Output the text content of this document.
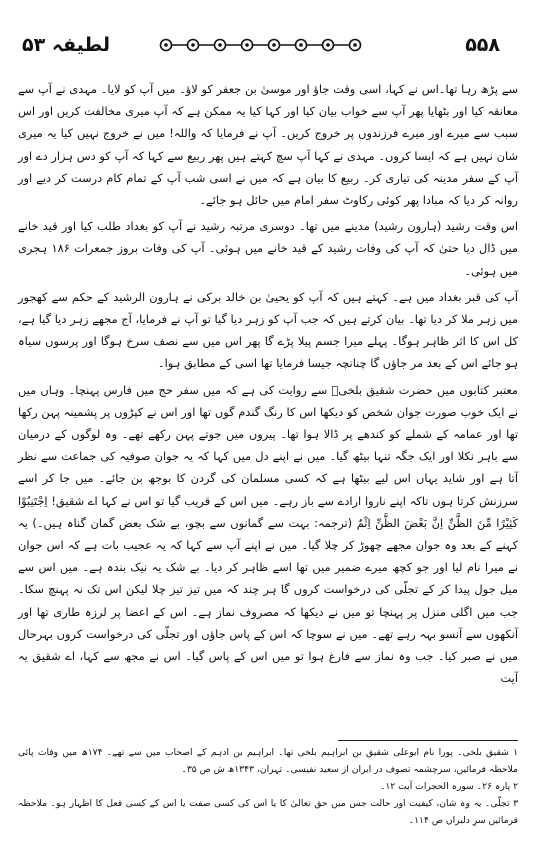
۵۵۸
لطیفہ ۵۳

سے پڑھ رہا تھا۔اس نے کہا، اسی وقت جاؤ اور موسیٰ بن جعفر کو لاؤ۔ میں آپ کو لایا۔ مہدی نے آپ سے معانقہ کیا اور بٹھایا پھر آپ سے خواب بیان کیا اور کہا کیا یہ ممکن ہے کہ آپ میری مخالفت کریں اور اس سبب سے میرے اور میرے فرزندوں پر خروج کریں۔ آپ نے فرمایا کہ واللہ! میں نے خروج نہیں کیا یہ میری شان نہیں ہے کہ ایسا کروں۔ مہدی نے کہا آپ سچ کہتے ہیں پھر ربیع سے کہا کہ آپ کو دس ہزار دے اور آپ کے سفر مدینہ کی تیاری کر۔ ربیع کا بیان ہے کہ میں نے اسی شب آپ کے تمام کام درست کر دیے اور روانہ کر دیا کہ مبادا پھر کوئی رکاوٹ سفر امام میں حائل ہو جائے۔

اس وقت رشید (ہارون رشید) مدینے میں تھا۔ دوسری مرتبہ رشید نے آپ کو بغداد طلب کیا اور قید خانے میں ڈال دیا حتیٰ کہ آپ کی وفات رشید کے قید خانے میں ہوئی۔ آپ کی وفات بروز جمعرات ۱۸۶ ہجری میں ہوئی۔

آپ کی قبر بغداد میں ہے۔ کہتے ہیں کہ آپ کو یحییٰ بن خالد برکی نے ہارون الرشید کے حکم سے کھجور میں زہر ملا کر دیا تھا۔ بیان کرتے ہیں کہ جب آپ کو زہر دیا گیا تو آپ نے فرمایا، آج مجھے زہر دیا گیا ہے، کل اس کا اثر ظاہر ہوگا۔ پہلے میرا جسم پیلا پڑے گا پھر اس میں سے نصف سرخ ہوگا اور پرسوں سیاہ ہو جائے اس کے بعد مر جاؤں گا چنانچہ جیسا فرمایا تھا اسی کے مطابق ہوا۔

معتبر کتابوں میں حضرت شقیق بلخیؒ سے روایت کی ہے کہ میں سفر حج میں فارس پہنچا۔ وہاں میں نے ایک خوب صورت جوان شخص کو دیکھا اس کا رنگ گندم گوں تھا اور اس نے کپڑوں پر پشمینہ پہن رکھا تھا اور عمامہ کے شملے کو کندھے پر ڈالا ہوا تھا۔ پیروں میں جوتے پہن رکھے تھے۔ وہ لوگوں کے درمیان سے باہر نکلا اور ایک جگہ تنہا بیٹھ گیا۔ میں نے اپنے دل میں کہا کہ یہ جوان صوفیہ کی جماعت سے نظر آتا ہے اور شاید یہاں اس لیے بیٹھا ہے کہ کسی مسلمان کی گردن کا بوجھ بن جائے۔ میں جا کر اسے سرزنش کرتا ہوں تاکہ اپنے ناروا ارادے سے باز رہے۔ میں اس کے قریب گیا تو اس نے کہا اے شقیق! اِجْتَنِبُوْا كَثِيْرًا مِّنَ الظَّنِّ اِنَّ بَعْضَ الظَّنِّ اِثْمٌ (ترجمہ: بہت سے گمانوں سے بچو، بے شک بعض گمان گناہ ہیں۔) یہ کہنے کے بعد وہ جوان مجھے چھوڑ کر چلا گیا۔ میں نے اپنے آپ سے کہا کہ یہ عجیب بات ہے کہ اس جوان نے میرا نام لیا اور جو کچھ میرے ضمیر میں تھا اسے ظاہر کر دیا۔ بے شک یہ نیک بندہ ہے۔ میں اس سے میل جول پیدا کر کے تجلّی کی درخواست کروں گا ہر چند کہ میں تیز تیز چلا لیکن اس تک نہ پہنچ سکا۔ جب میں اگلی منزل پر پہنچا تو میں نے دیکھا کہ مصروف نماز ہے۔ اس کے اعضا پر لرزہ طاری تھا اور آنکھوں سے آنسو بہہ رہے تھے۔ میں نے سوچا کہ اس کے پاس جاؤں اور تجلّی کی درخواست کروں بہرحال میں نے صبر کیا۔ جب وہ نماز سے فارغ ہوا تو میں اس کے پاس گیا۔ اس نے مجھ سے کہا، اے شقیق یہ آیت

۱ شقیق بلخی۔ پورا نام ابوعلی شقیق بن ابراہیم بلخی تھا۔ ابراہیم بن ادہم کے اصحاب میں سے تھے۔ ۱۷۴ھ میں وفات پائی ملاحظہ فرمائیں، سرچشمہ تصوف در ایران از سعید نفیسی۔ تہران، ۱۳۴۳ھ ش ص ۳۵۔

۲ پارہ ۲۶۔ سورہ الحجرات آیت ۱۲۔

۳ تجلّی۔ یہ وہ شان، کیفیت اور حالت جس میں حق تعالیٰ کا یا اس کی کسی صفت یا اس کے کسی فعل کا اظہار ہو۔ ملاحظہ فرمائیں سرِ دلبراں ص ۱۱۴۔
